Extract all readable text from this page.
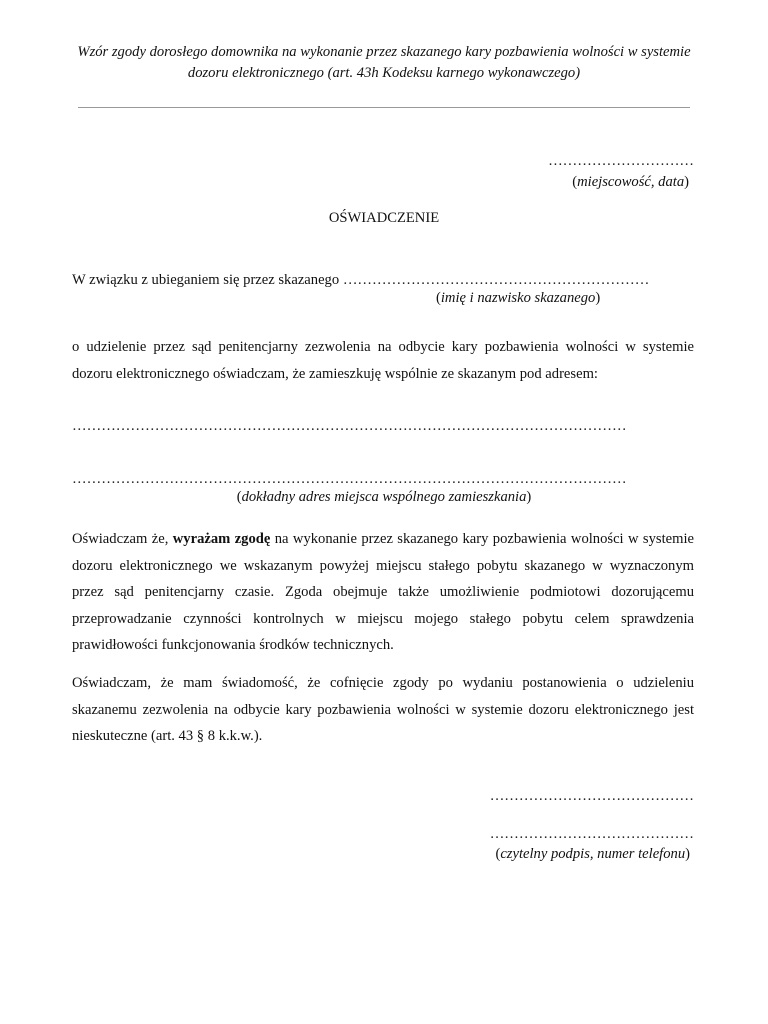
Wzór zgody dorosłego domownika na wykonanie przez skazanego kary pozbawienia wolności w systemie dozoru elektronicznego (art. 43h Kodeksu karnego wykonawczego)
…………………………
(miejscowość, data)
OŚWIADCZENIE
W związku z ubieganiem się przez skazanego ………………………………………………………
(imię i nazwisko skazanego)
o udzielenie przez sąd penitencjarny zezwolenia na odbycie kary pozbawienia wolności w systemie dozoru elektronicznego oświadczam, że zamieszkuję wspólnie ze skazanym pod adresem:
……………………………………………………………………………………………………
……………………………………………………………………………………………………
(dokładny adres miejsca wspólnego zamieszkania)
Oświadczam że, wyrażam zgodę na wykonanie przez skazanego kary pozbawienia wolności w systemie dozoru elektronicznego we wskazanym powyżej miejscu stałego pobytu skazanego w wyznaczonym przez sąd penitencjarny czasie. Zgoda obejmuje także umożliwienie podmiotowi dozorującemu przeprowadzanie czynności kontrolnych w miejscu mojego stałego pobytu celem sprawdzenia prawidłowości funkcjonowania środków technicznych.
Oświadczam, że mam świadomość, że cofnięcie zgody po wydaniu postanowienia o udzieleniu skazanemu zezwolenia na odbycie kary pozbawienia wolności w systemie dozoru elektronicznego jest nieskuteczne (art. 43 § 8 k.k.w.).
……………………………………
……………………………………
(czytelny podpis, numer telefonu)
